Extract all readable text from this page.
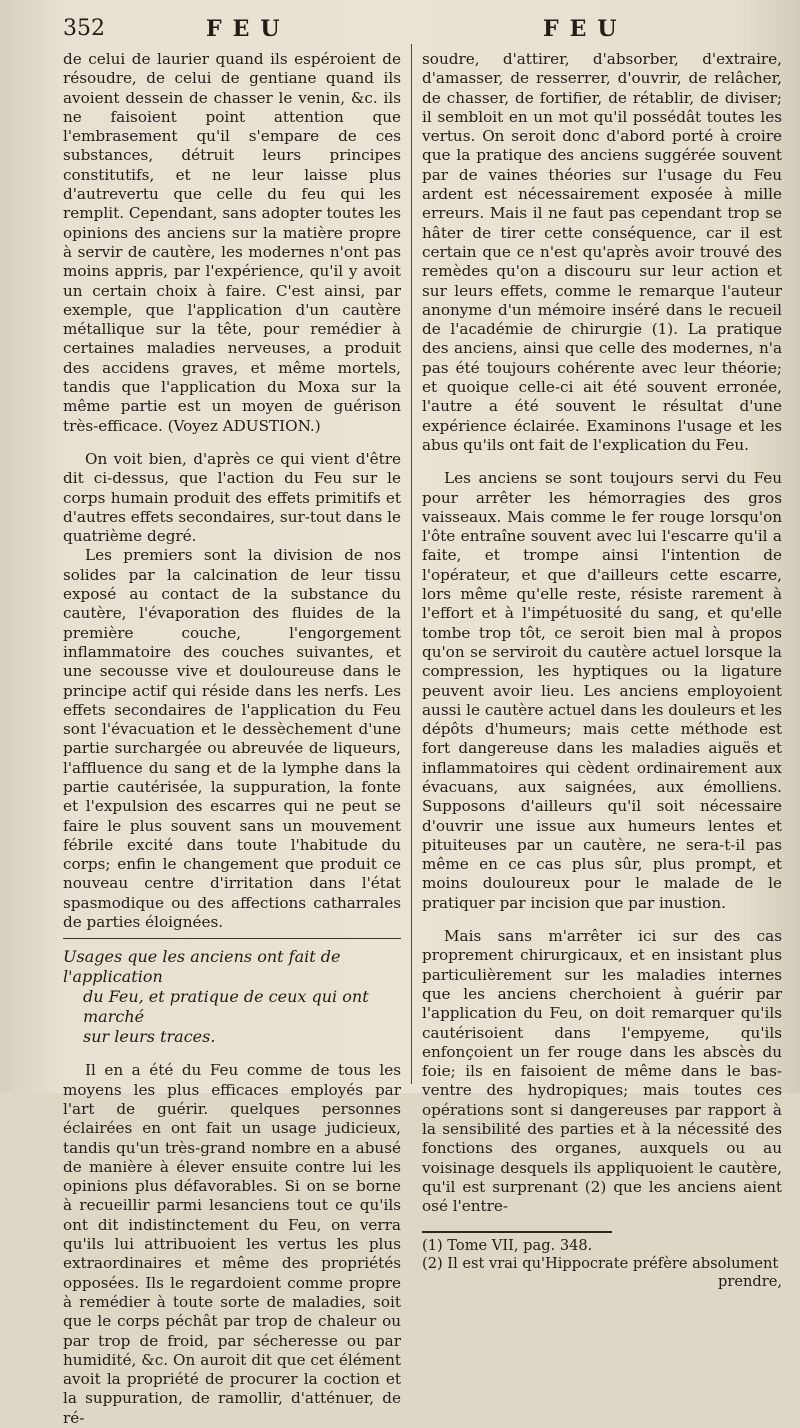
352	FEU	FEU

de celui de laurier quand ils espéroient de résoudre, de celui de gentiane quand ils avoient dessein de chasser le venin, &c. ils ne faisoient point attention que l'embrasement qu'il s'empare de ces substances, détruit leurs principes constitutifs, et ne leur laisse plus d'autrevertu que celle du feu qui les remplit. Cependant, sans adopter toutes les opinions des anciens sur la matière propre à servir de cautère, les modernes n'ont pas moins appris, par l'expérience, qu'il y avoit un certain choix à faire. C'est ainsi, par exemple, que l'application d'un cautère métallique sur la tête, pour remédier à certaines maladies nerveuses, a produit des accidens graves, et même mortels, tandis que l'application du Moxa sur la même partie est un moyen de guérison très-efficace. (Voyez ADUSTION.)

On voit bien, d'après ce qui vient d'être dit ci-dessus, que l'action du Feu sur le corps humain produit des effets primitifs et d'autres effets secondaires, sur-tout dans le quatrième degré.

Les premiers sont la division de nos solides par la calcination de leur tissu exposé au contact de la substance du cautère, l'évaporation des fluides de la première couche, l'engorgement inflammatoire des couches suivantes, et une secousse vive et douloureuse dans le principe actif qui réside dans les nerfs. Les effets secondaires de l'application du Feu sont l'évacuation et le dessèchement d'une partie surchargée ou abreuvée de liqueurs, l'affluence du sang et de la lymphe dans la partie cautérisée, la suppuration, la fonte et l'expulsion des escarres qui ne peut se faire le plus souvent sans un mouvement fébrile excité dans toute l'habitude du corps; enfin le changement que produit ce nouveau centre d'irritation dans l'état spasmodique ou des affections catharrales de parties éloignées.

Usages que les anciens ont fait de l'application
du Feu, et pratique de ceux qui ont marché
sur leurs traces.

Il en a été du Feu comme de tous les moyens les plus efficaces employés par l'art de guérir. quelques personnes éclairées en ont fait un usage judicieux, tandis qu'un très-grand nombre en a abusé de manière à élever ensuite contre lui les opinions plus défavorables. Si on se borne à recueillir parmi lesanciens tout ce qu'ils ont dit indistinctement du Feu, on verra qu'ils lui attribuoient les vertus les plus extraordinaires et même des propriétés opposées. Ils le regardoient comme propre à remédier à toute sorte de maladies, soit que le corps péchât par trop de chaleur ou par trop de froid, par sécheresse ou par humidité, &c. On auroit dit que cet élément avoit la propriété de procurer la coction et la suppuration, de ramollir, d'atténuer, de ré-

soudre, d'attirer, d'absorber, d'extraire, d'amasser, de resserrer, d'ouvrir, de relâcher, de chasser, de fortifier, de rétablir, de diviser; il sembloit en un mot qu'il possédât toutes les vertus. On seroit donc d'abord porté à croire que la pratique des anciens suggérée souvent par de vaines théories sur l'usage du Feu ardent est nécessairement exposée à mille erreurs. Mais il ne faut pas cependant trop se hâter de tirer cette conséquence, car il est certain que ce n'est qu'après avoir trouvé des remèdes qu'on a discouru sur leur action et sur leurs effets, comme le remarque l'auteur anonyme d'un mémoire inséré dans le recueil de l'académie de chirurgie (1). La pratique des anciens, ainsi que celle des modernes, n'a pas été toujours cohérente avec leur théorie; et quoique celle-ci ait été souvent erronée, l'autre a été souvent le résultat d'une expérience éclairée. Examinons l'usage et les abus qu'ils ont fait de l'explication du Feu.

Les anciens se sont toujours servi du Feu pour arrêter les hémorragies des gros vaisseaux. Mais comme le fer rouge lorsqu'on l'ôte entraîne souvent avec lui l'escarre qu'il a faite, et trompe ainsi l'intention de l'opérateur, et que d'ailleurs cette escarre, lors même qu'elle reste, résiste rarement à l'effort et à l'impétuosité du sang, et qu'elle tombe trop tôt, ce seroit bien mal à propos qu'on se serviroit du cautère actuel lorsque la compression, les hyptiques ou la ligature peuvent avoir lieu. Les anciens employoient aussi le cautère actuel dans les douleurs et les dépôts d'humeurs; mais cette méthode est fort dangereuse dans les maladies aiguës et inflammatoires qui cèdent ordinairement aux évacuans, aux saignées, aux émolliens. Supposons d'ailleurs qu'il soit nécessaire d'ouvrir une issue aux humeurs lentes et pituiteuses par un cautère, ne sera-t-il pas même en ce cas plus sûr, plus prompt, et moins douloureux pour le malade de le pratiquer par incision que par inustion.

Mais sans m'arrêter ici sur des cas proprement chirurgicaux, et en insistant plus particulièrement sur les maladies internes que les anciens cherchoient à guérir par l'application du Feu, on doit remarquer qu'ils cautérisoient dans l'empyeme, qu'ils enfonçoient un fer rouge dans les abscès du foie; ils en faisoient de même dans le bas-ventre des hydropiques; mais toutes ces opérations sont si dangereuses par rapport à la sensibilité des parties et à la nécessité des fonctions des organes, auxquels ou au voisinage desquels ils appliquoient le cautère, qu'il est surprenant (2) que les anciens aient osé l'entre-

(1) Tome VII, pag. 348.

(2) Il est vrai qu'Hippocrate préfère absolument

prendre,
